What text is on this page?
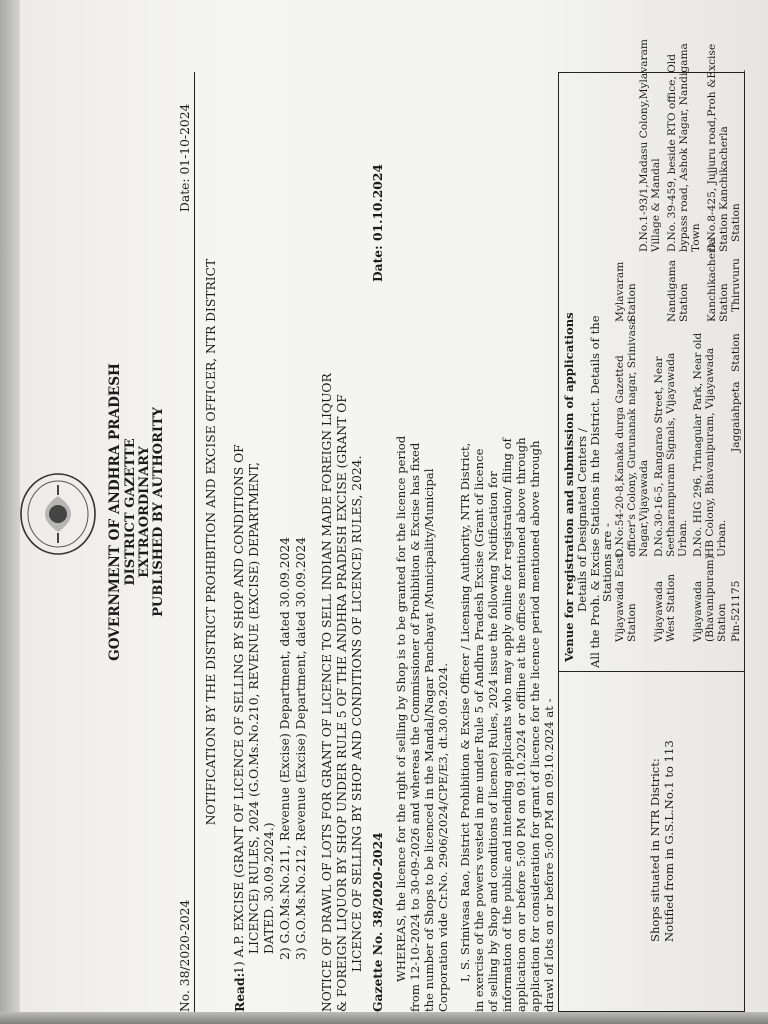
GOVERNMENT OF ANDHRA PRADESH DISTRICT GAZETTE EXTRAORDINARY PUBLISHED BY AUTHORITY
No. 38/2020-2024
Date: 01-10-2024
NOTIFICATION BY THE DISTRICT PROHIBITION AND EXCISE OFFICER, NTR DISTRICT
Read:
1) A.P. EXCISE (GRANT OF LICENCE OF SELLING BY SHOP AND CONDITIONS OF LICENCE) RULES, 2024 (G.O.Ms.No.210, REVENUE (EXCISE) DEPARTMENT, DATED. 30.09.2024.) 2) G.O.Ms.No.211, Revenue (Excise) Department, dated 30.09.2024 3) G.O.Ms.No.212, Revenue (Excise) Department, dated 30.09.2024 NOTICE OF DRAWL OF LOTS FOR GRANT OF LICENCE TO SELL INDIAN MADE FOREIGN LIQUOR & FOREIGN LIQUOR BY SHOP UNDER RULE 5 OF THE ANDHRA PRADESH EXCISE (GRANT OF LICENCE OF SELLING BY SHOP AND CONDITIONS OF LICENCE) RULES, 2024. Gazette No. 38/2020-2024
Date: 01.10.2024
WHEREAS, the licence for the right of selling by Shop is to be granted for the licence period from 12-10-2024 to 30-09-2026 and whereas the Commissioner of Prohibition & Excise has fixed the number of Shops to be licenced in the Mandal/Nagar Panchayat /Municipality/Municipal Corporation vide Cr.No. 2906/2024/CPE/E3, dt.30.09.2024. I, S. Srinivasa Rao, District Prohibition & Excise Officer / Licensing Authority, NTR District, in exercise of the powers vested in me under Rule 5 of Andhra Pradesh Excise (Grant of licence of selling by Shop and conditions of licence) Rules, 2024 issue the following Notification for information of the public and intending applicants who may apply online for registration/ filing of application on or before 5:00 PM on 09.10.2024 or offline at the offices mentioned above through application for consideration for grant of licence for the licence period mentioned above through drawl of lots on or before 5:00 PM on 09.10.2024 at -	Shops situated in NTR District: Notified from in G.S.L.No.1 to 113
Venue for registration and submission of applications Details of Designated Centers / All the Proh. & Excise Stations in the District. Details of the
Stations are - Vijayawada East Station
D.No:54-20-8,Kanaka durga Gazetted officer's Colony, Gurunanak nagar, Srinivasa Nagar,Vijayawada
Vijayawada West Station
D.No.30-16-5, Rangarao Street, Near Seetharampuram Signals, Vijayawada Urban.
Vijayawada (Bhavanipuram) Station
D.No. HIG 296, Trinagular Park, Near old HB Colony, Bhavanipuram, Vijayawada Urban.
Mylavaram Station
D.No.1-93/1,Madasu Colony,Mylavaram Village & Mandal
Nandigama Station
D.No. 39-459, beside RTO office, Old bypass road, Ashok Nagar, Nandigama Town
Kanchikacherla Station
D.No.8-425, Jujjuru road,Proh &Excise Station Kanchikacherla
Jaggaiahpeta
Station
Pin-521175
Thiruvuru
Station
